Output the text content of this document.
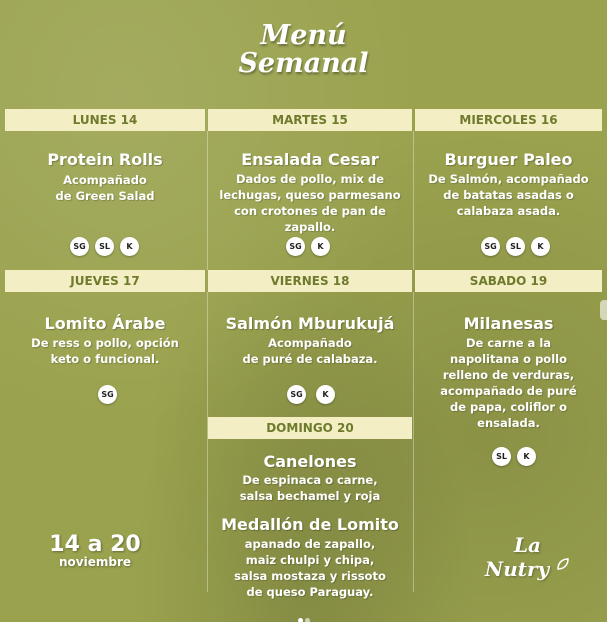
Menú
Semanal
LUNES 14	MARTES 15	MIERCOLES 16
JUEVES 17	VIERNES 18	SABADO 19
DOMINGO 20
Protein Rolls
Acompañado
de Green Salad
SG	SL	K
Ensalada Cesar
Dados de pollo, mix de
lechugas, queso parmesano
con crotones de pan de
zapallo.
SG	K
Burguer Paleo
De Salmón, acompañado
de batatas asadas o
calabaza asada.
SG	SL	K
Lomito Árabe
De ress o pollo, opción
keto o funcional.
SG
Salmón Mburukujá
Acompañado
de puré de calabaza.
SG	K
Milanesas
De carne a la
napolitana o pollo
relleno de verduras,
acompañado de puré
de papa, coliflor o
ensalada.
SL	K
Canelones
De espinaca o carne,
salsa bechamel y roja
Medallón de Lomito
apanado de zapallo,
maiz chulpi y chipa,
salsa mostaza y rissoto
de queso Paraguay.
14 a 20
noviembre
La Nutry
